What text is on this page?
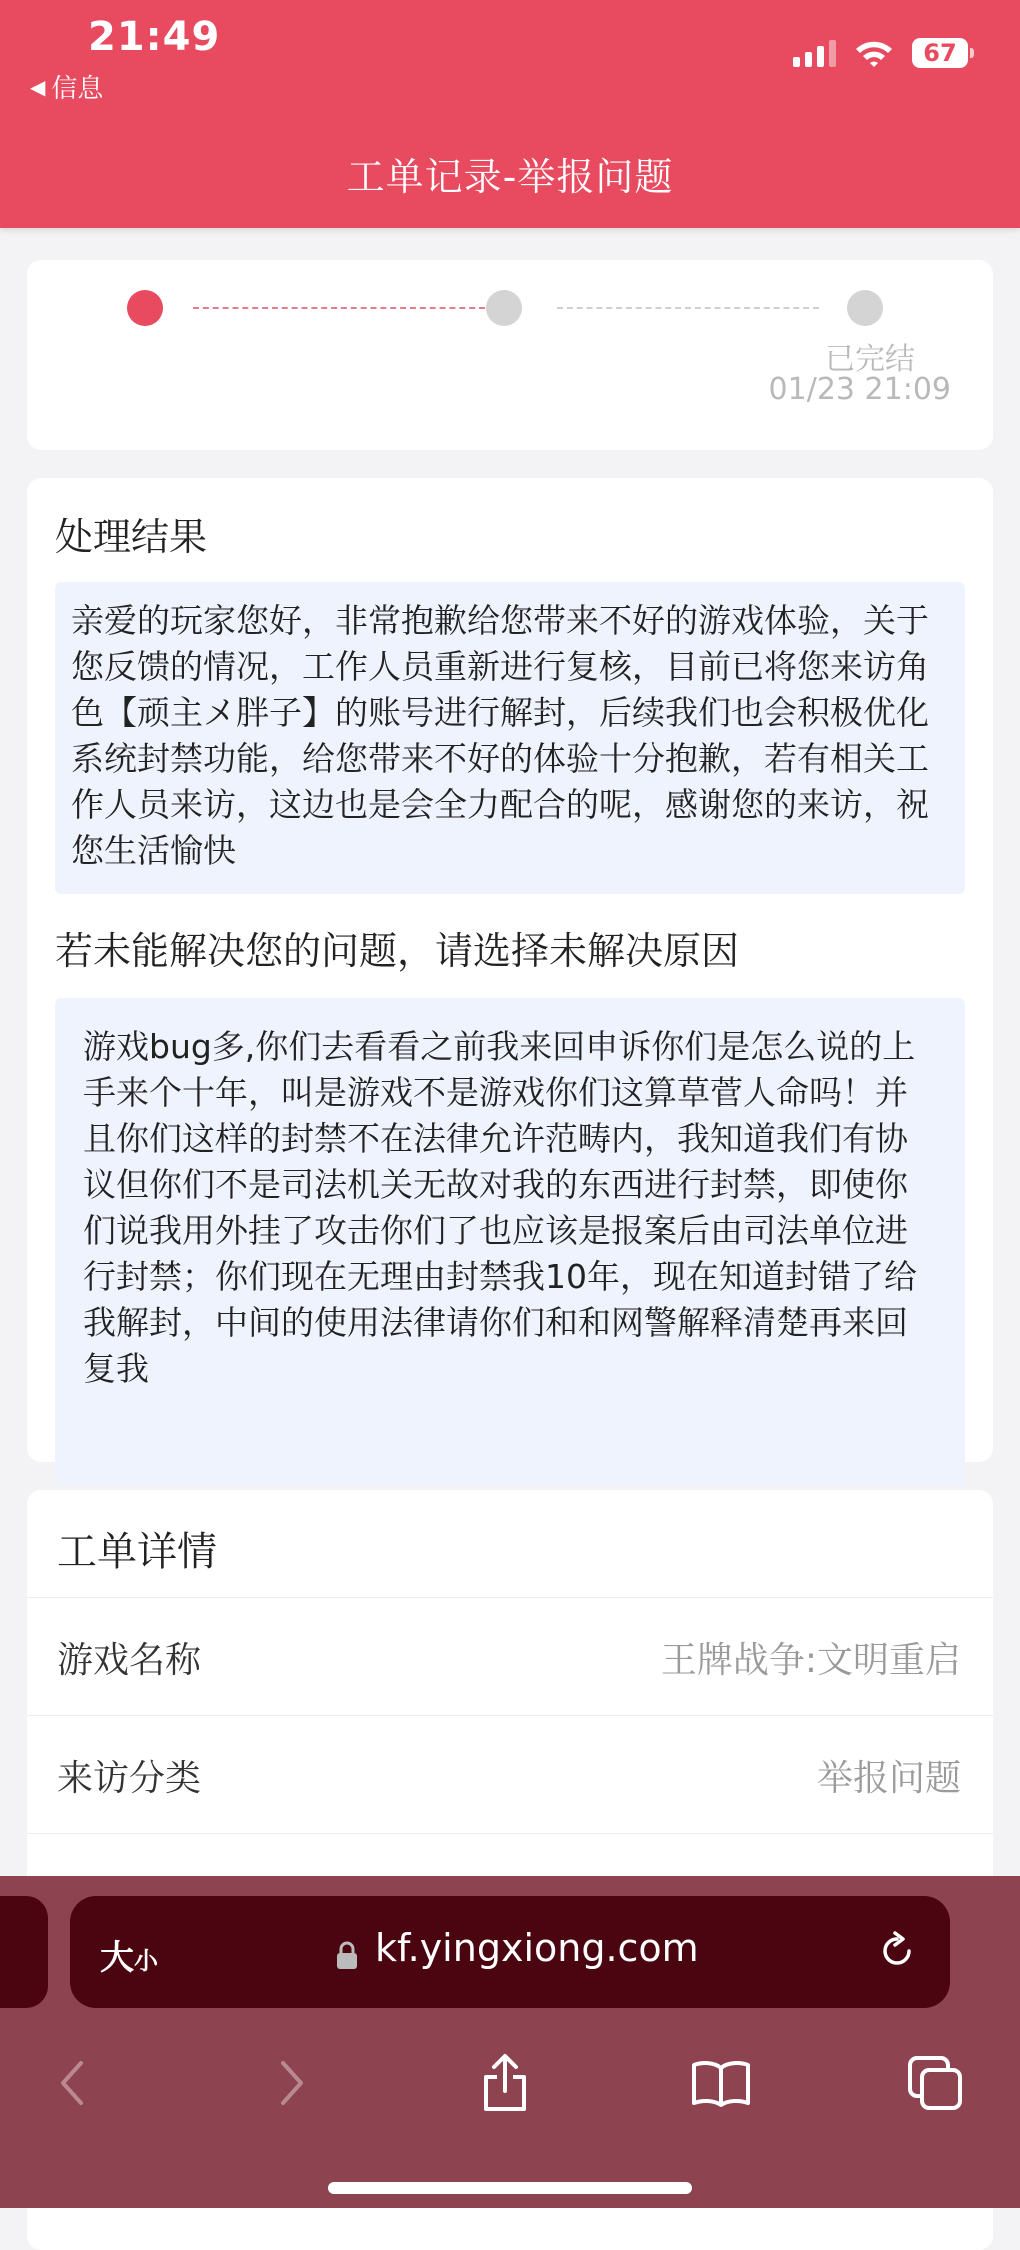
21:49
◀ 信息
67
工单记录-举报问题
已完结
01/23 21:09
处理结果
亲爱的玩家您好，非常抱歉给您带来不好的游戏体验，关于您反馈的情况，工作人员重新进行复核，目前已将您来访角色【顽主メ胖子】的账号进行解封，后续我们也会积极优化系统封禁功能，给您带来不好的体验十分抱歉，若有相关工作人员来访，这边也是会全力配合的呢，感谢您的来访，祝您生活愉快
若未能解决您的问题，请选择未解决原因
游戏bug多,你们去看看之前我来回申诉你们是怎么说的上手来个十年，叫是游戏不是游戏你们这算草菅人命吗！并且你们这样的封禁不在法律允许范畴内，我知道我们有协议但你们不是司法机关无故对我的东西进行封禁，即使你们说我用外挂了攻击你们了也应该是报案后由司法单位进行封禁；你们现在无理由封禁我10年，现在知道封错了给我解封，中间的使用法律请你们和和网警解释清楚再来回复我
工单详情
游戏名称	王牌战争:文明重启
来访分类	举报问题
大小	kf.yingxiong.com
